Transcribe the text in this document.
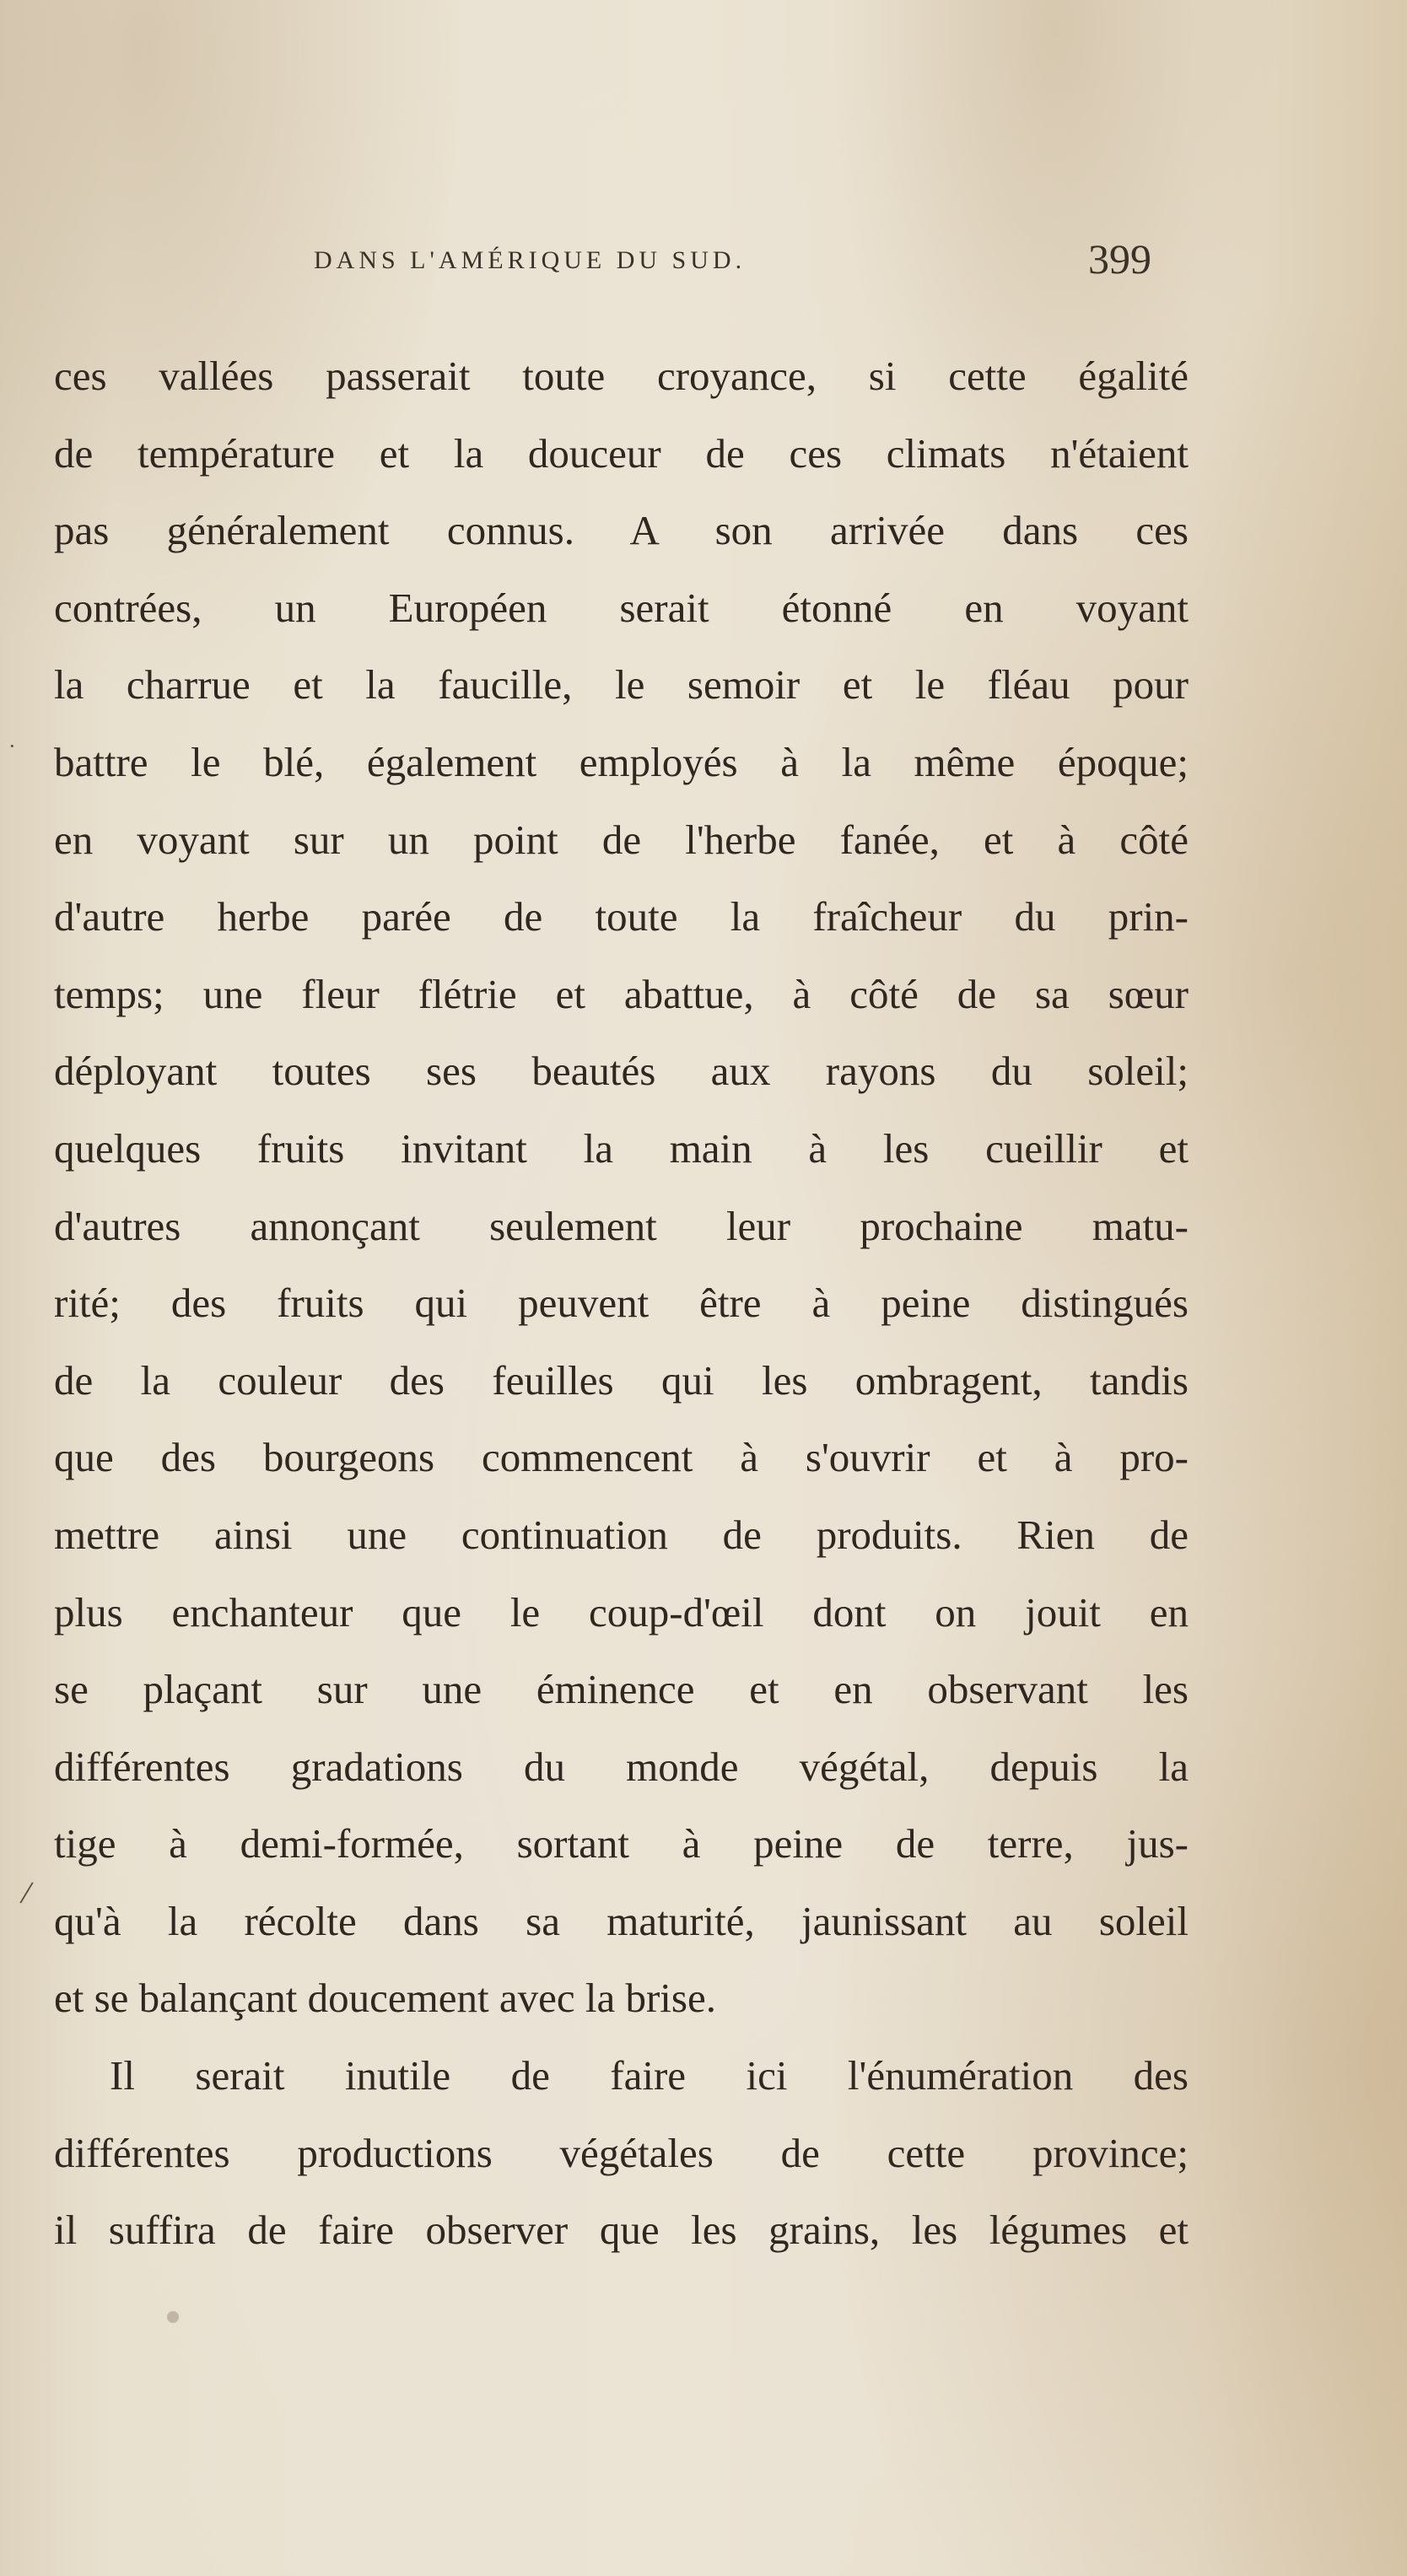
DANS L'AMÉRIQUE DU SUD.	399
·
/
ces vallées passerait toute croyance, si cette égalité
de température et la douceur de ces climats n'étaient
pas généralement connus. A son arrivée dans ces
contrées, un Européen serait étonné en voyant
la charrue et la faucille, le semoir et le fléau pour
battre le blé, également employés à la même époque;
en voyant sur un point de l'herbe fanée, et à côté
d'autre herbe parée de toute la fraîcheur du prin-
temps; une fleur flétrie et abattue, à côté de sa sœur
déployant toutes ses beautés aux rayons du soleil;
quelques fruits invitant la main à les cueillir et
d'autres annonçant seulement leur prochaine matu-
rité; des fruits qui peuvent être à peine distingués
de la couleur des feuilles qui les ombragent, tandis
que des bourgeons commencent à s'ouvrir et à pro-
mettre ainsi une continuation de produits. Rien de
plus enchanteur que le coup-d'œil dont on jouit en
se plaçant sur une éminence et en observant les
différentes gradations du monde végétal, depuis la
tige à demi-formée, sortant à peine de terre, jus-
qu'à la récolte dans sa maturité, jaunissant au soleil
et se balançant doucement avec la brise.
Il serait inutile de faire ici l'énumération des
différentes productions végétales de cette province;
il suffira de faire observer que les grains, les légumes et
